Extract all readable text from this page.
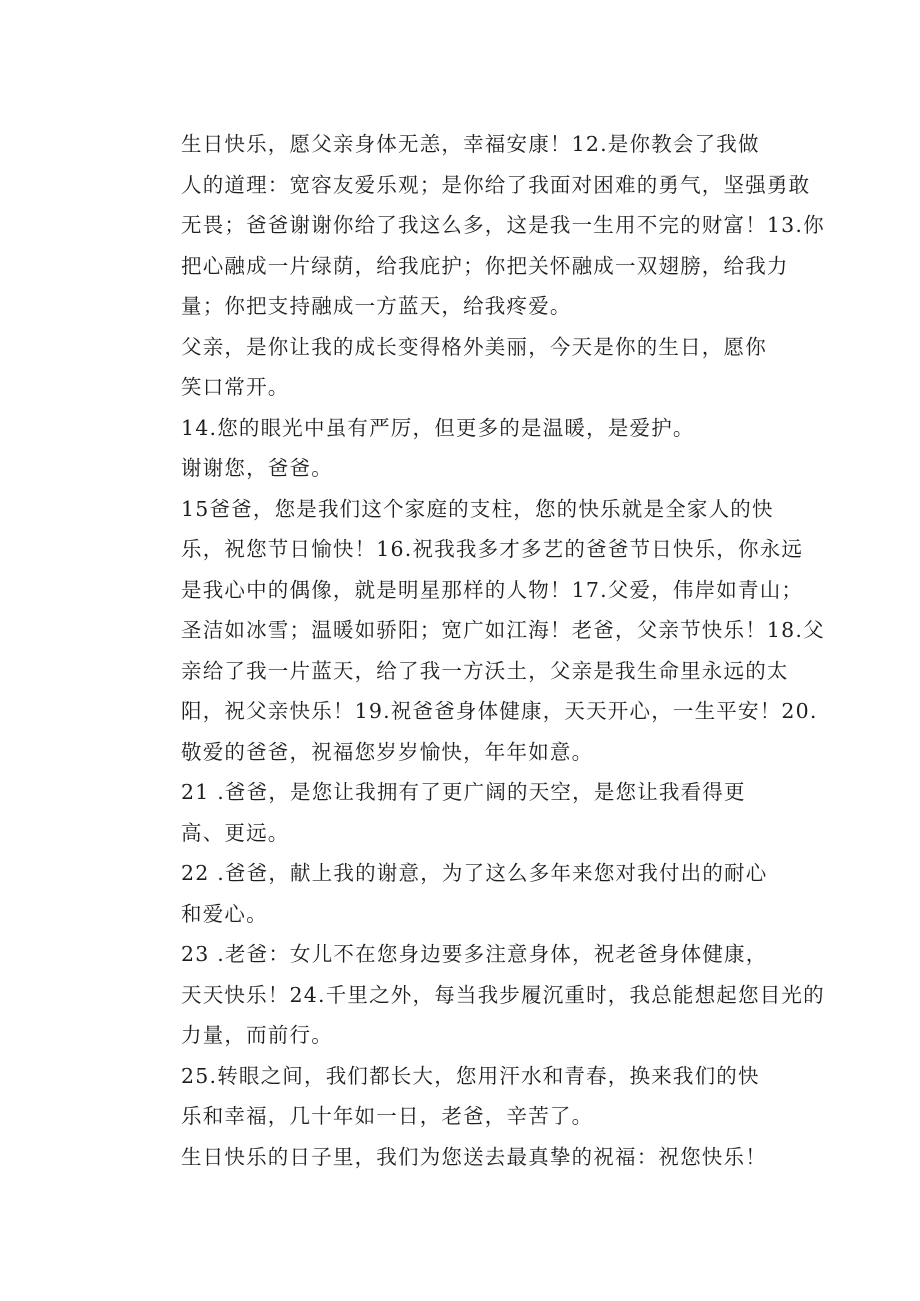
生日快乐，愿父亲身体无恙，幸福安康！12.是你教会了我做
人的道理：宽容友爱乐观；是你给了我面对困难的勇气，坚强勇敢
无畏；爸爸谢谢你给了我这么多，这是我一生用不完的财富！13.你
把心融成一片绿荫，给我庇护；你把关怀融成一双翅膀，给我力
量；你把支持融成一方蓝天，给我疼爱。

父亲，是你让我的成长变得格外美丽，今天是你的生日，愿你
笑口常开。

14.您的眼光中虽有严厉，但更多的是温暖，是爱护。

谢谢您，爸爸。

15爸爸，您是我们这个家庭的支柱，您的快乐就是全家人的快
乐，祝您节日愉快！16.祝我我多才多艺的爸爸节日快乐，你永远
是我心中的偶像，就是明星那样的人物！17.父爱，伟岸如青山；
圣洁如冰雪；温暖如骄阳；宽广如江海！老爸，父亲节快乐！18.父
亲给了我一片蓝天，给了我一方沃土，父亲是我生命里永远的太
阳，祝父亲快乐！19.祝爸爸身体健康，天天开心，一生平安！20.
敬爱的爸爸，祝福您岁岁愉快，年年如意。

21 .爸爸，是您让我拥有了更广阔的天空，是您让我看得更
高、更远。

22 .爸爸，献上我的谢意，为了这么多年来您对我付出的耐心
和爱心。

23 .老爸：女儿不在您身边要多注意身体，祝老爸身体健康，
天天快乐！24.千里之外，每当我步履沉重时，我总能想起您目光的
力量，而前行。

25.转眼之间，我们都长大，您用汗水和青春，换来我们的快
乐和幸福，几十年如一日，老爸，辛苦了。

生日快乐的日子里，我们为您送去最真挚的祝福：祝您快乐！
